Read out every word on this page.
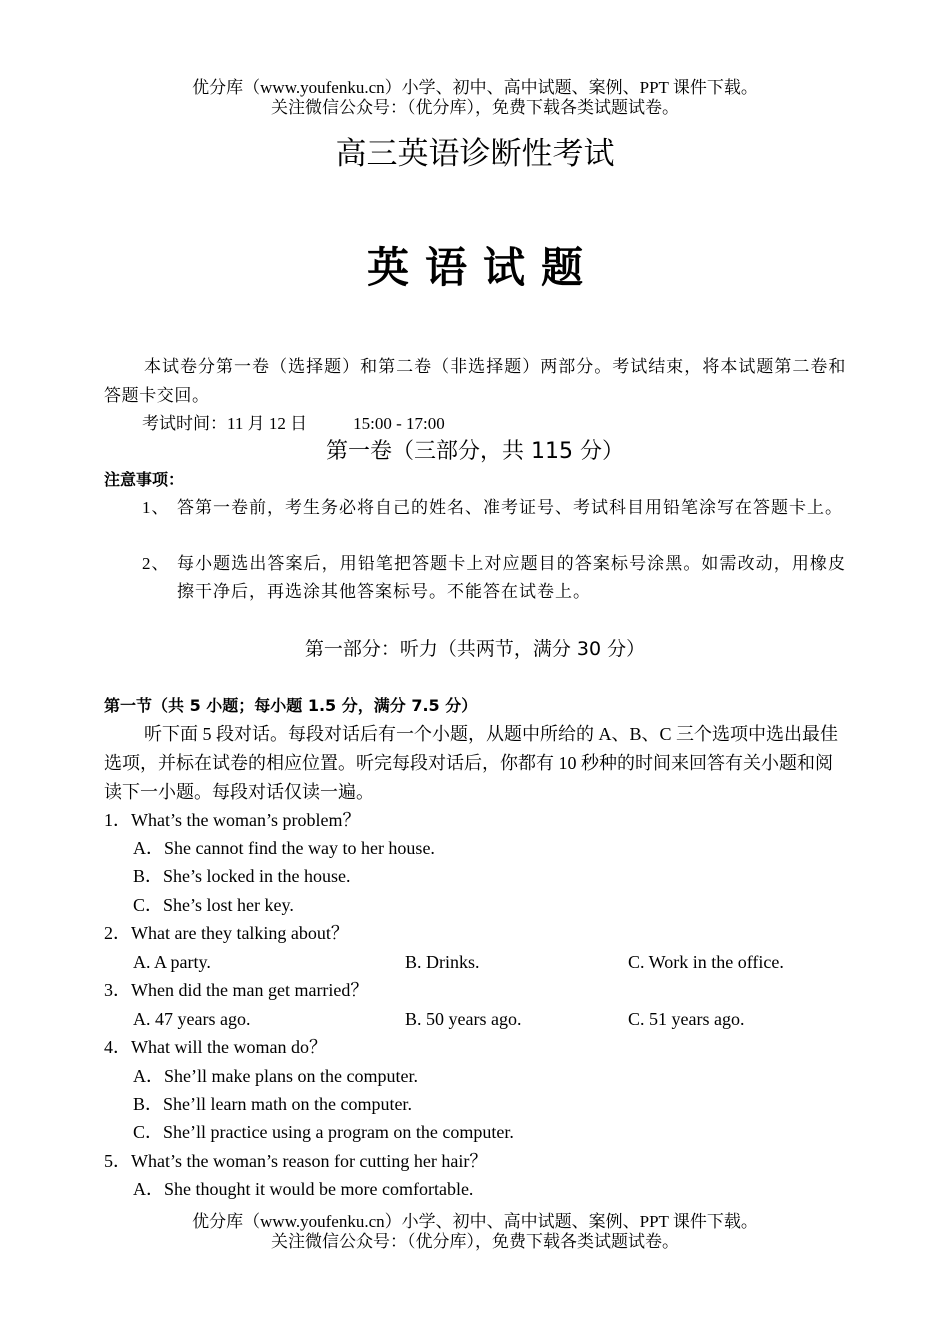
优分库（www.youfenku.cn）小学、初中、高中试题、案例、PPT 课件下载。
关注微信公众号：（优分库），免费下载各类试题试卷。
高三英语诊断性考试
英语试题
本试卷分第一卷（选择题）和第二卷（非选择题）两部分。考试结束，将本试题第二卷和答题卡交回。
考试时间：11 月 12 日	15:00 - 17:00
第一卷（三部分，共 115 分）
注意事项：
1、 答第一卷前，考生务必将自己的姓名、准考证号、考试科目用铅笔涂写在答题卡上。
2、 每小题选出答案后，用铅笔把答题卡上对应题目的答案标号涂黑。如需改动，用橡皮擦干净后，再选涂其他答案标号。不能答在试卷上。
第一部分：听力（共两节，满分 30 分）
第一节（共 5 小题；每小题 1.5 分，满分 7.5 分）
听下面 5 段对话。每段对话后有一个小题，从题中所给的 A、B、C 三个选项中选出最佳选项，并标在试卷的相应位置。听完每段对话后，你都有 10 秒种的时间来回答有关小题和阅读下一小题。每段对话仅读一遍。
1．What’s the woman’s problem？
A．She cannot find the way to her house.
B．She’s locked in the house.
C．She’s lost her key.
2．What are they talking about？
A. A party.	B. Drinks.	C. Work in the office.
3．When did the man get married？
A. 47 years ago.	B. 50 years ago.	C. 51 years ago.
4．What will the woman do？
A．She’ll make plans on the computer.
B．She’ll learn math on the computer.
C．She’ll practice using a program on the computer.
5．What’s the woman’s reason for cutting her hair？
A．She thought it would be more comfortable.
优分库（www.youfenku.cn）小学、初中、高中试题、案例、PPT 课件下载。
关注微信公众号：（优分库），免费下载各类试题试卷。
